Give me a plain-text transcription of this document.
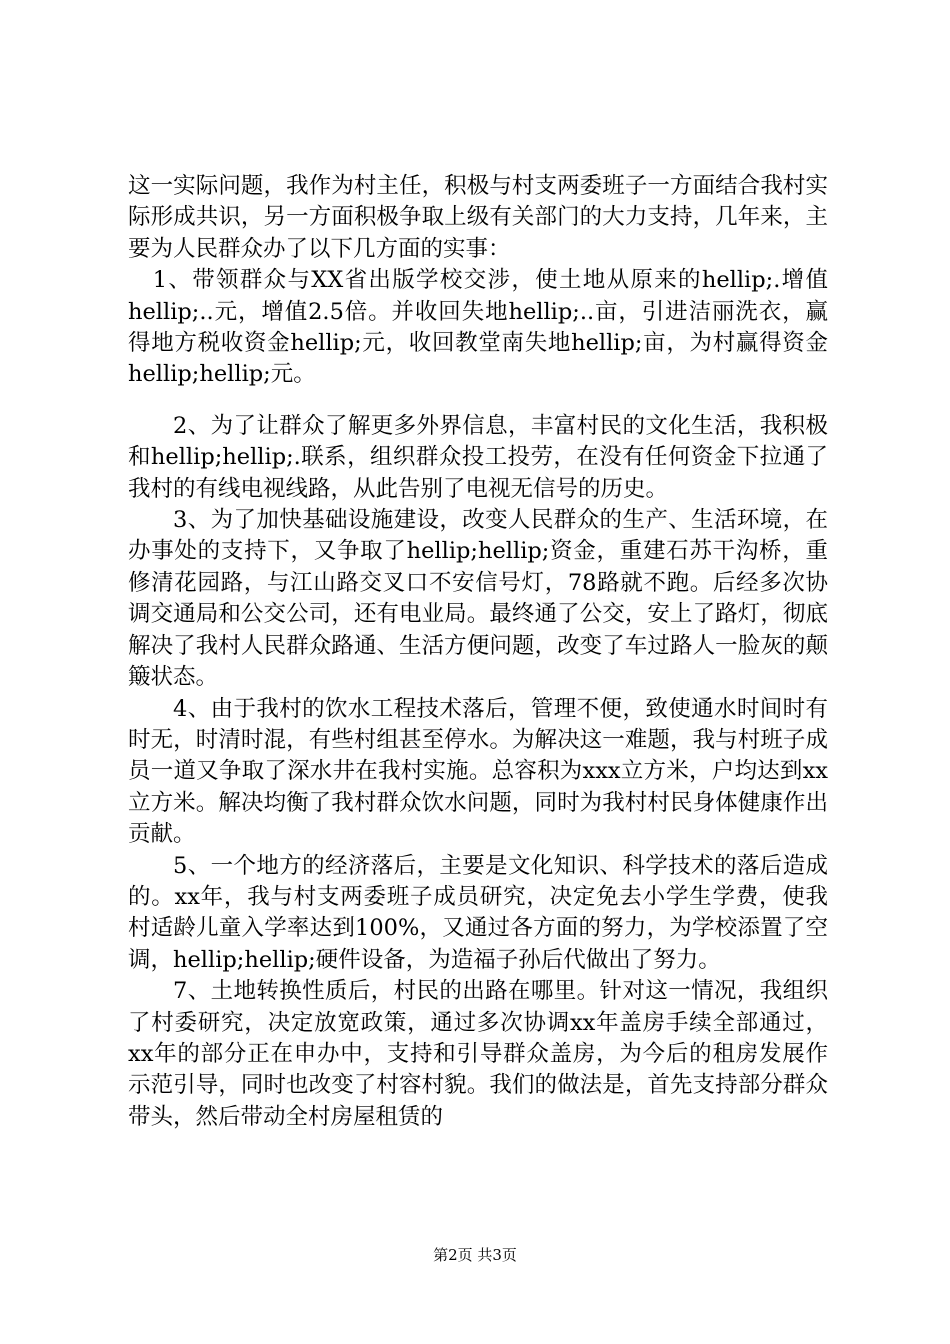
这一实际问题，我作为村主任，积极与村支两委班子一方面结合我村实际形成共识，另一方面积极争取上级有关部门的大力支持，几年来，主要为人民群众办了以下几方面的实事：

1、带领群众与XX省出版学校交涉，使土地从原来的hellip;.增值hellip;..元，增值2.5倍。并收回失地hellip;..亩，引进洁丽洗衣，赢得地方税收资金hellip;元，收回教堂南失地hellip;亩，为村赢得资金hellip;hellip;元。

2、为了让群众了解更多外界信息，丰富村民的文化生活，我积极和hellip;hellip;.联系，组织群众投工投劳，在没有任何资金下拉通了我村的有线电视线路，从此告别了电视无信号的历史。

3、为了加快基础设施建设，改变人民群众的生产、生活环境，在办事处的支持下，又争取了hellip;hellip;资金，重建石苏干沟桥，重修清花园路，与江山路交叉口不安信号灯，78路就不跑。后经多次协调交通局和公交公司，还有电业局。最终通了公交，安上了路灯，彻底解决了我村人民群众路通、生活方便问题，改变了车过路人一脸灰的颠簸状态。

4、由于我村的饮水工程技术落后，管理不便，致使通水时间时有时无，时清时混，有些村组甚至停水。为解决这一难题，我与村班子成员一道又争取了深水井在我村实施。总容积为xxx立方米，户均达到xx立方米。解决均衡了我村群众饮水问题，同时为我村村民身体健康作出贡献。

5、一个地方的经济落后，主要是文化知识、科学技术的落后造成的。xx年，我与村支两委班子成员研究，决定免去小学生学费，使我村适龄儿童入学率达到100%，又通过各方面的努力，为学校添置了空调，hellip;hellip;硬件设备，为造福子孙后代做出了努力。

7、土地转换性质后，村民的出路在哪里。针对这一情况，我组织了村委研究，决定放宽政策，通过多次协调xx年盖房手续全部通过，xx年的部分正在申办中，支持和引导群众盖房，为今后的租房发展作示范引导，同时也改变了村容村貌。我们的做法是，首先支持部分群众带头，然后带动全村房屋租赁的

第2页 共3页
